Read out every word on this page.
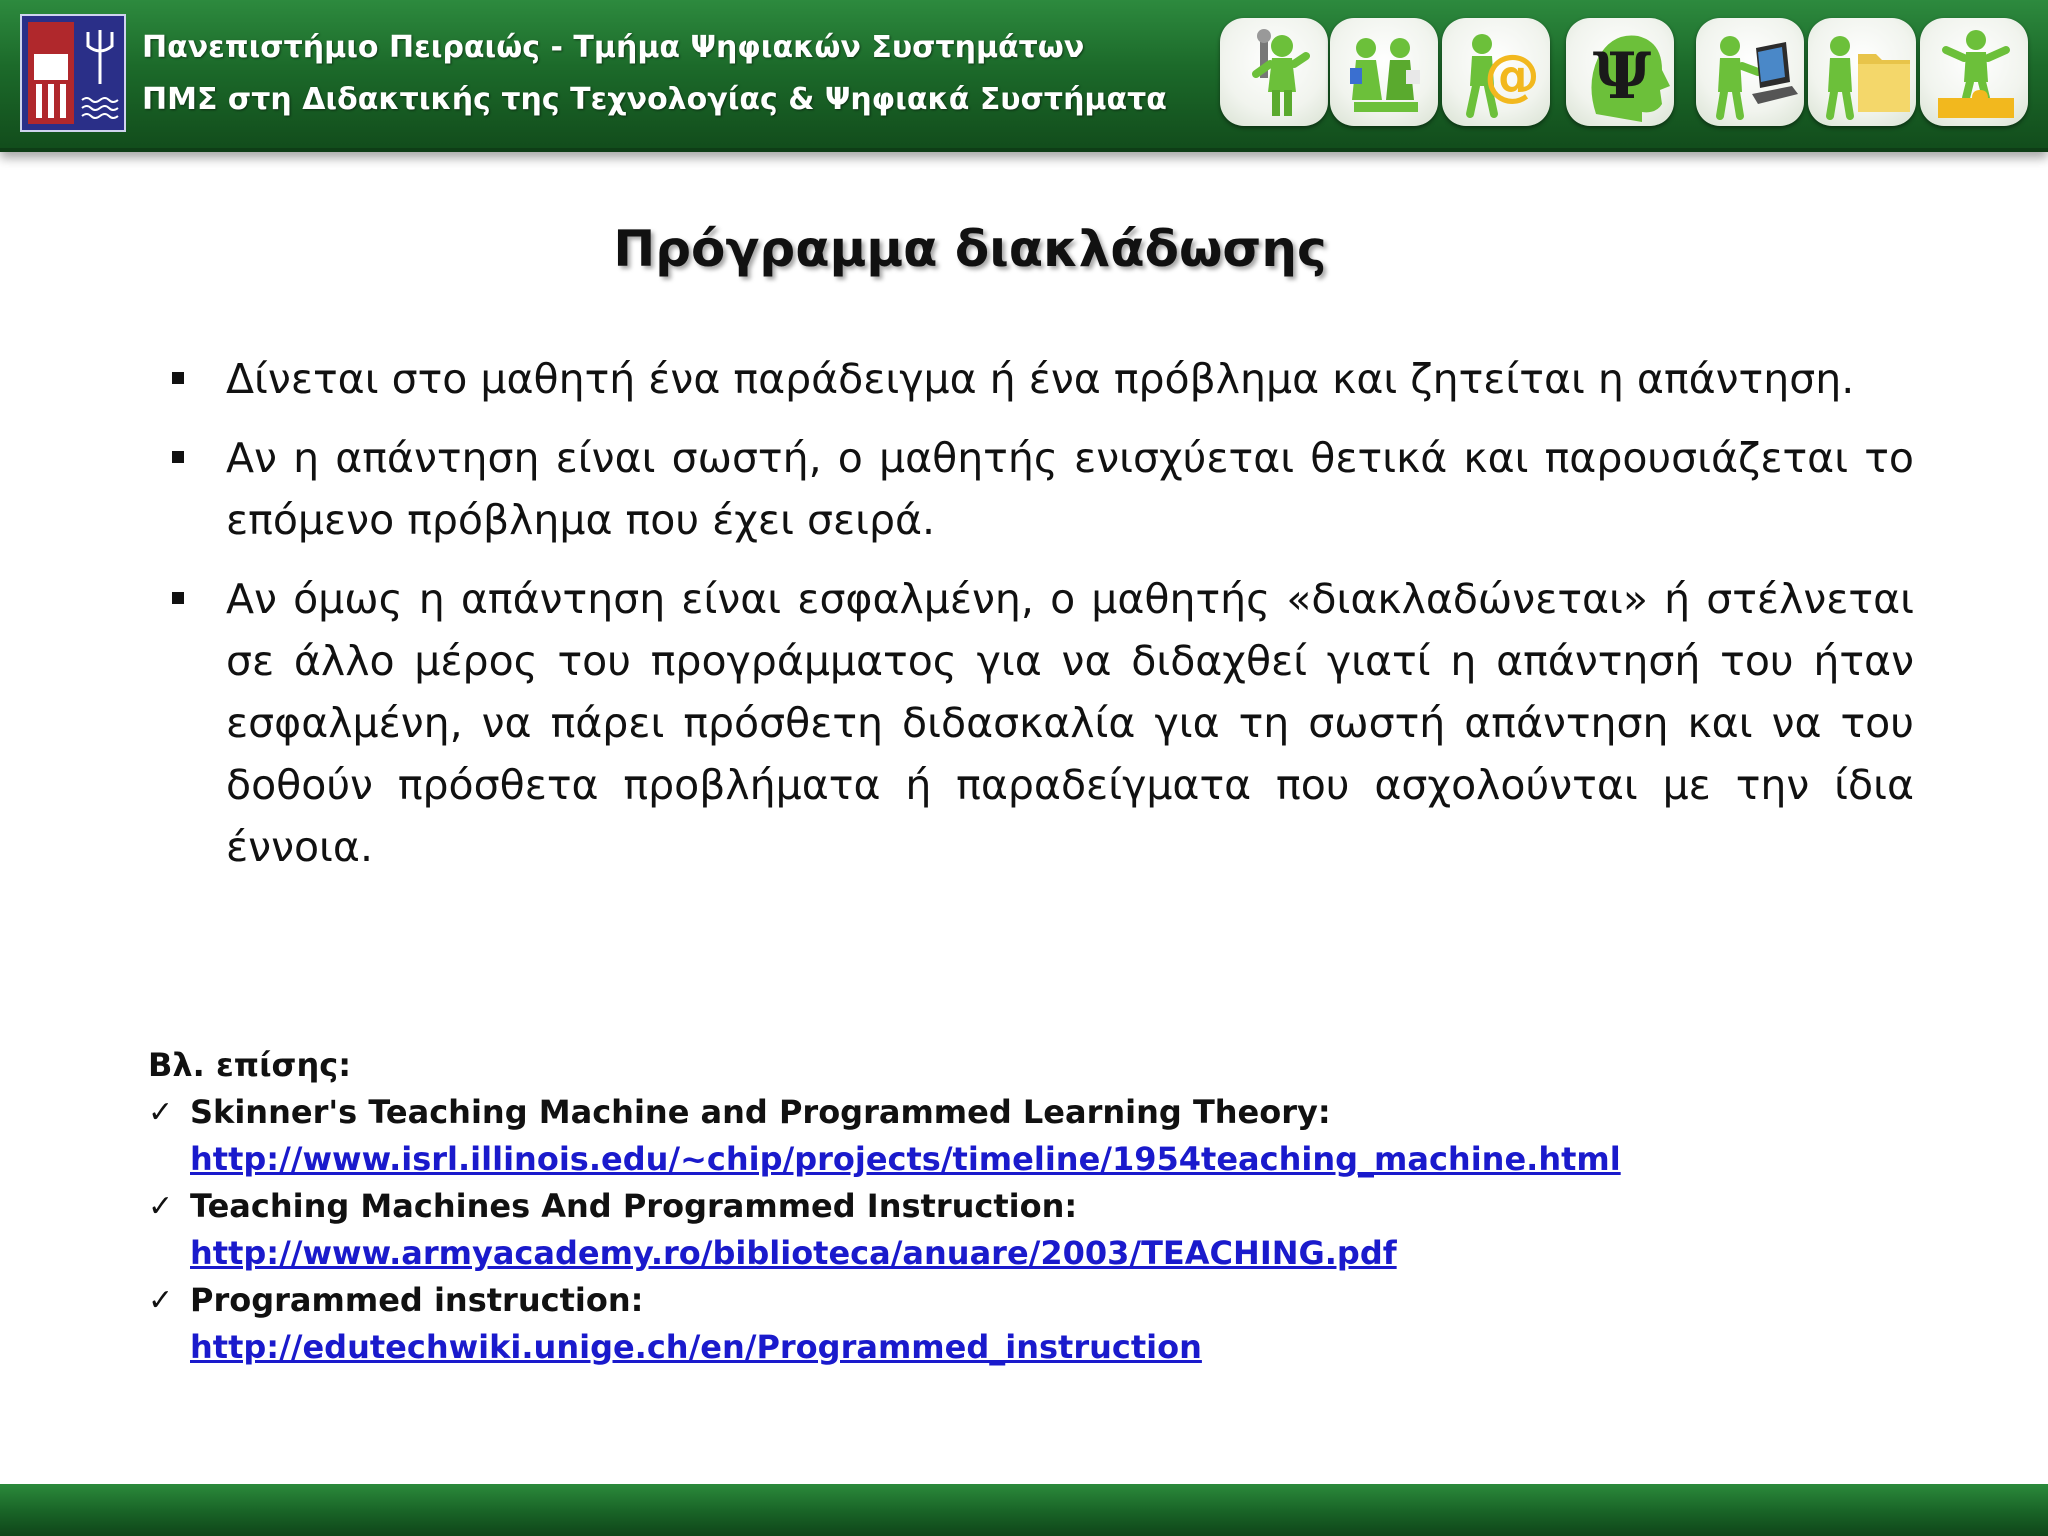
Πανεπιστήμιο Πειραιώς - Τμήμα Ψηφιακών Συστημάτων
ΠΜΣ στη Διδακτικής της Τεχνολογίας & Ψηφιακά Συστήματα	@ Ψ
Πρόγραμμα διακλάδωσης
Δίνεται στο μαθητή ένα παράδειγμα ή ένα πρόβλημα και ζητείται η απάντηση.
Αν η απάντηση είναι σωστή, ο μαθητής ενισχύεται θετικά και παρουσιάζεται το επόμενο πρόβλημα που έχει σειρά.
Αν όμως η απάντηση είναι εσφαλμένη, ο μαθητής «διακλαδώνεται» ή στέλνεται σε άλλο μέρος του προγράμματος για να διδαχθεί γιατί η απάντησή του ήταν εσφαλμένη, να πάρει πρόσθετη διδασκαλία για τη σωστή απάντηση και να του δοθούν πρόσθετα προβλήματα ή παραδείγματα που ασχολούνται με την ίδια έννοια.
Βλ. επίσης:
✓ Skinner's Teaching Machine and Programmed Learning Theory:
http://www.isrl.illinois.edu/~chip/projects/timeline/1954teaching_machine.html
✓ Teaching Machines And Programmed Instruction:
http://www.armyacademy.ro/biblioteca/anuare/2003/TEACHING.pdf
✓ Programmed instruction:
http://edutechwiki.unige.ch/en/Programmed_instruction
